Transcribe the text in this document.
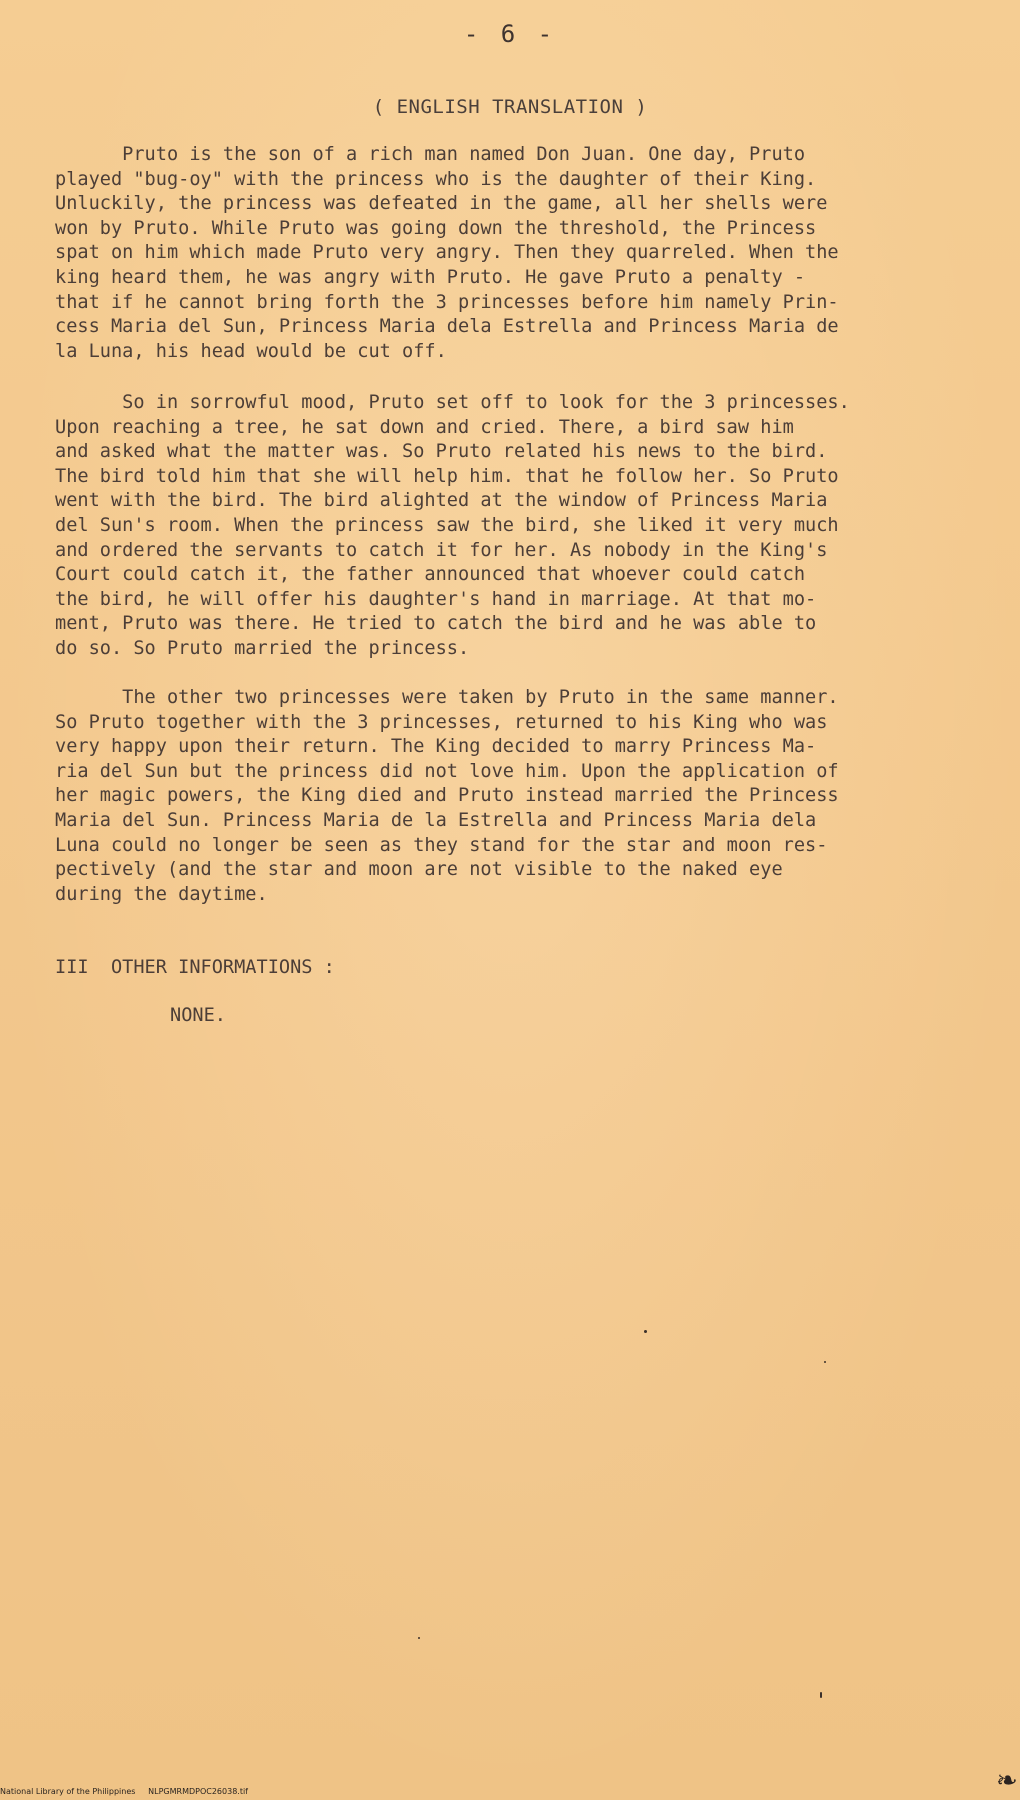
- 6 -
( ENGLISH TRANSLATION )
Pruto is the son of a rich man named Don Juan. One day, Pruto
played "bug-oy" with the princess who is the daughter of their King.
Unluckily, the princess was defeated in the game, all her shells were
won by Pruto. While Pruto was going down the threshold, the Princess
spat on him which made Pruto very angry. Then they quarreled. When the
king heard them, he was angry with Pruto. He gave Pruto a penalty -
that if he cannot bring forth the 3 princesses before him namely Prin-
cess Maria del Sun, Princess Maria dela Estrella and Princess Maria de
la Luna, his head would be cut off.
So in sorrowful mood, Pruto set off to look for the 3 princesses.
Upon reaching a tree, he sat down and cried. There, a bird saw him
and asked what the matter was. So Pruto related his news to the bird.
The bird told him that she will help him. that he follow her. So Pruto
went with the bird. The bird alighted at the window of Princess Maria
del Sun's room. When the princess saw the bird, she liked it very much
and ordered the servants to catch it for her. As nobody in the King's
Court could catch it, the father announced that whoever could catch
the bird, he will offer his daughter's hand in marriage. At that mo-
ment, Pruto was there. He tried to catch the bird and he was able to
do so. So Pruto married the princess.
The other two princesses were taken by Pruto in the same manner.
So Pruto together with the 3 princesses, returned to his King who was
very happy upon their return. The King decided to marry Princess Ma-
ria del Sun but the princess did not love him. Upon the application of
her magic powers, the King died and Pruto instead married the Princess
Maria del Sun. Princess Maria de la Estrella and Princess Maria dela
Luna could no longer be seen as they stand for the star and moon res-
pectively (and the star and moon are not visible to the naked eye
during the daytime.
III  OTHER INFORMATIONS :
NONE.
❧
National Library of the Philippines     NLPGMRMDPOC26038.tif
